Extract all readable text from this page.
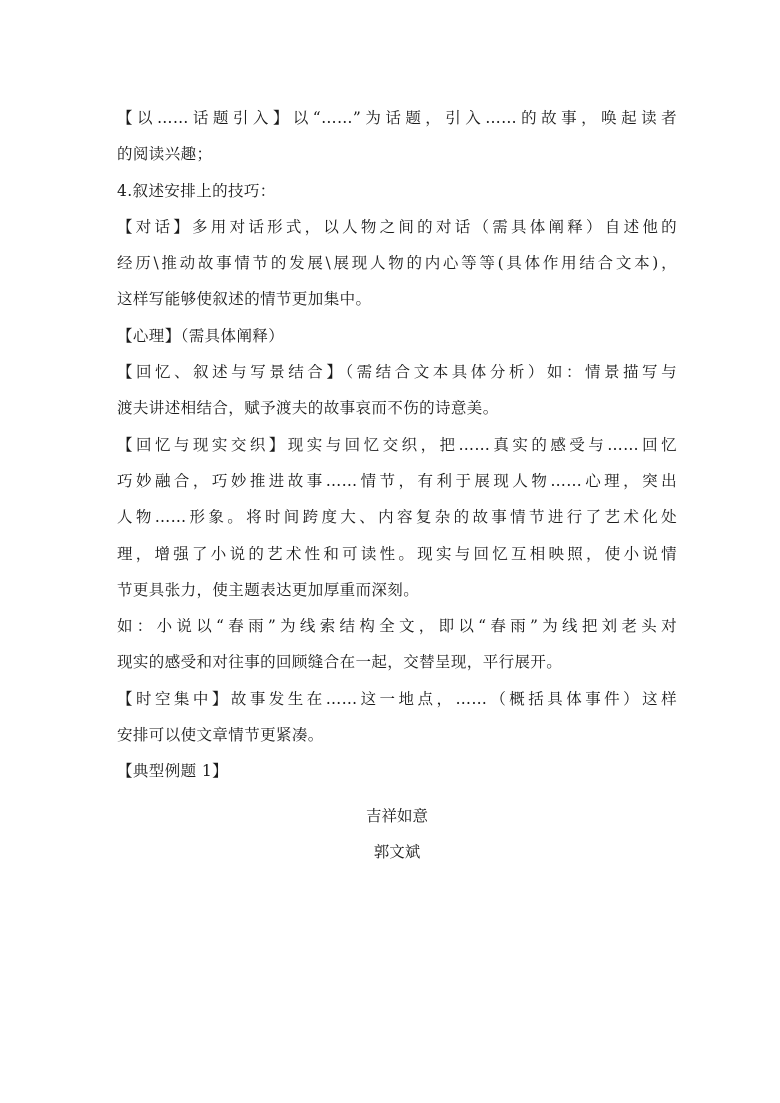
【以……话题引入】以“……”为话题，引入……的故事，唤起读者
的阅读兴趣；
4.叙述安排上的技巧：
【对话】多用对话形式，以人物之间的对话（需具体阐释）自述他的
经历\推动故事情节的发展\展现人物的内心等等(具体作用结合文本)，
这样写能够使叙述的情节更加集中。
【心理】（需具体阐释）
【回忆、叙述与写景结合】（需结合文本具体分析）如：情景描写与
渡夫讲述相结合，赋予渡夫的故事哀而不伤的诗意美。
【回忆与现实交织】现实与回忆交织，把……真实的感受与……回忆
巧妙融合，巧妙推进故事……情节，有利于展现人物……心理，突出
人物……形象。将时间跨度大、内容复杂的故事情节进行了艺术化处
理，增强了小说的艺术性和可读性。现实与回忆互相映照，使小说情
节更具张力，使主题表达更加厚重而深刻。
如：小说以“春雨”为线索结构全文，即以“春雨”为线把刘老头对
现实的感受和对往事的回顾缝合在一起，交替呈现，平行展开。
【时空集中】故事发生在……这一地点，……（概括具体事件）这样
安排可以使文章情节更紧凑。
【典型例题 1】
吉祥如意
郭文斌
